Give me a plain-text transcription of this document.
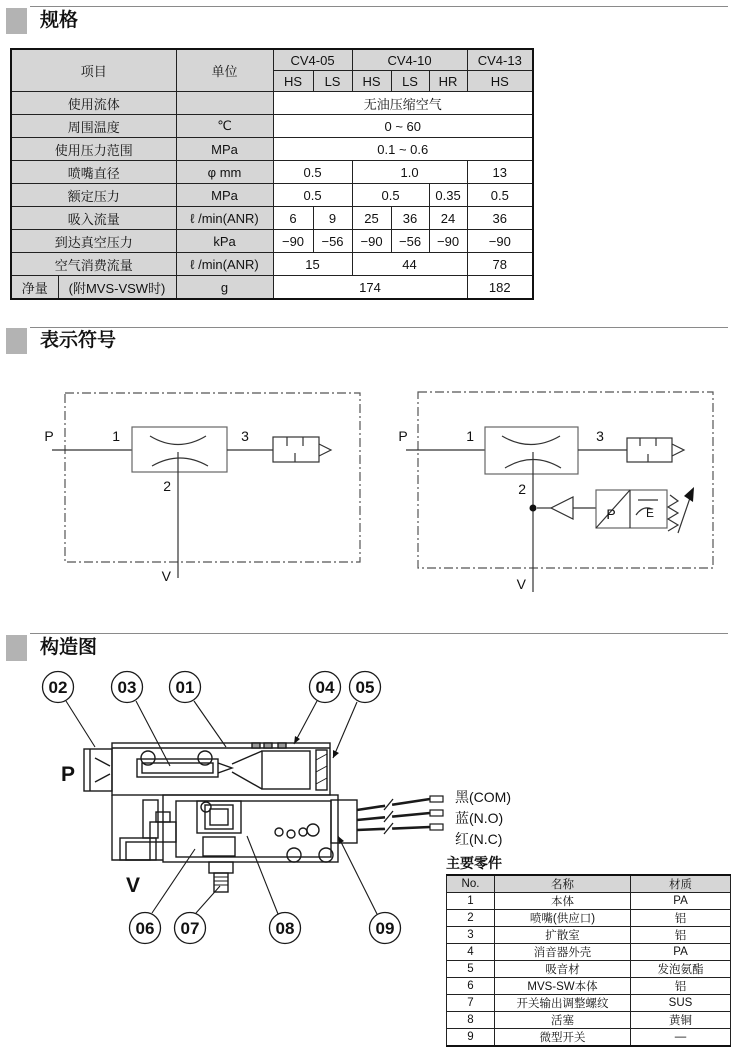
规格
项目		单位	CV4-05		CV4-10			CV4-13
			HS	LS	HS	LS	HR	HS
使用流体			无油压缩空气					
周围温度		℃	0 ~ 60					
使用压力范围		MPa	0.1 ~ 0.6					
喷嘴直径		φ mm	0.5		1.0			13
额定压力		MPa	0.5		0.5		0.35	0.5
吸入流量		ℓ /min(ANR)	6	9	25	36	24	36
到达真空压力		kPa	−90	−56	−90	−56	−90	−90
空气消费流量		ℓ /min(ANR)	15		44			78
净量	(附MVS-VSW时)	g	174					182
表示符号
P	1	3
2
V
P	1	3
2
V
P	E
构造图
02	03 01	04 05
06 07	08	09
P
V
黑(COM)
蓝(N.O)
红(N.C)
主要零件
No.	名称	材质
1	本体	PA
2	喷嘴(供应口)	铝
3	扩散室	铝
4	消音器外壳	PA
5	吸音材	发泡氨酯
6	MVS-SW本体	铝
7	开关输出调整螺纹	SUS
8	活塞	黄铜
9	微型开关	—
